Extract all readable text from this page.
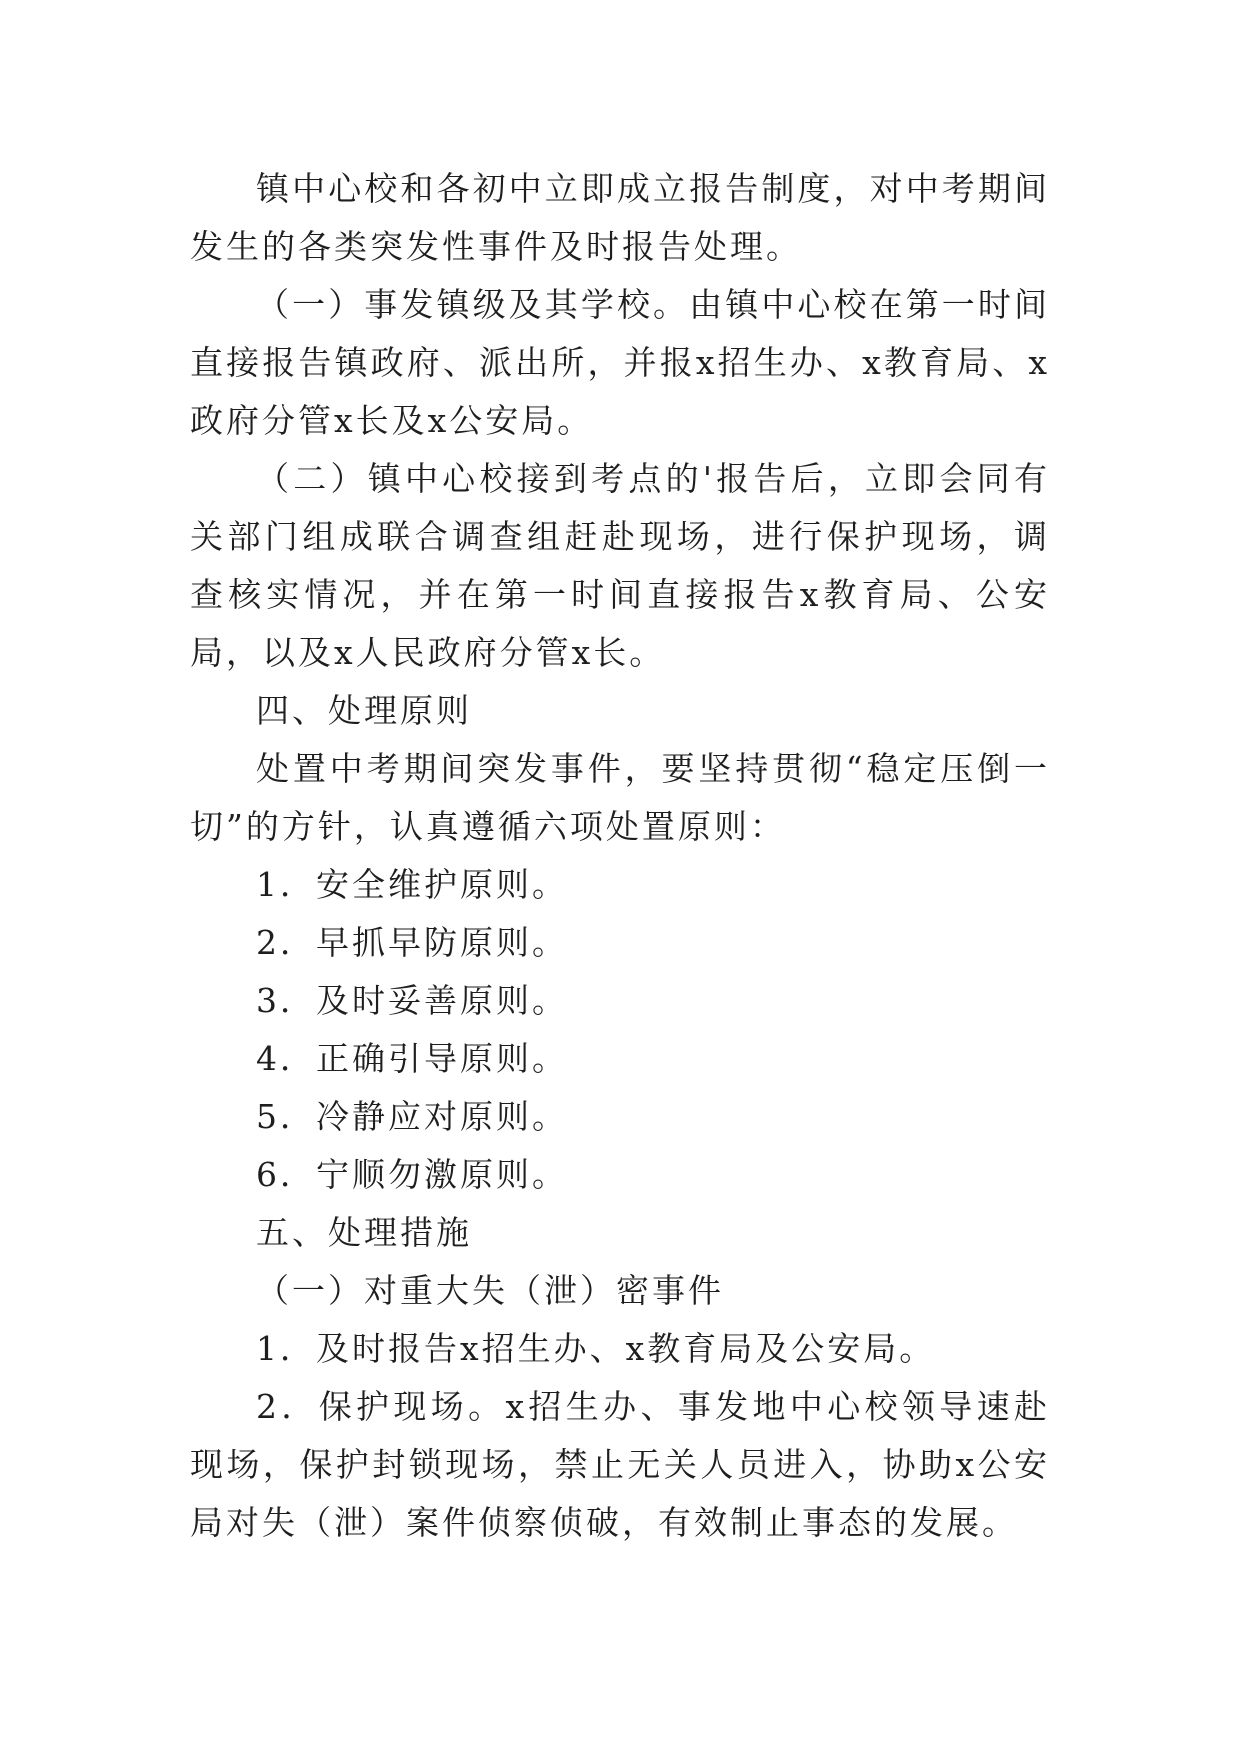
镇中心校和各初中立即成立报告制度，对中考期间发生的各类突发性事件及时报告处理。

（一）事发镇级及其学校。由镇中心校在第一时间直接报告镇政府、派出所，并报x招生办、x教育局、x政府分管x长及x公安局。

（二）镇中心校接到考点的'报告后，立即会同有关部门组成联合调查组赶赴现场，进行保护现场，调查核实情况，并在第一时间直接报告x教育局、公安局，以及x人民政府分管x长。

四、处理原则

处置中考期间突发事件，要坚持贯彻“稳定压倒一切”的方针，认真遵循六项处置原则：

1．安全维护原则。

2．早抓早防原则。

3．及时妥善原则。

4．正确引导原则。

5．冷静应对原则。

6．宁顺勿激原则。

五、处理措施

（一）对重大失（泄）密事件

1．及时报告x招生办、x教育局及公安局。

2．保护现场。x招生办、事发地中心校领导速赴现场，保护封锁现场，禁止无关人员进入，协助x公安局对失（泄）案件侦察侦破，有效制止事态的发展。
